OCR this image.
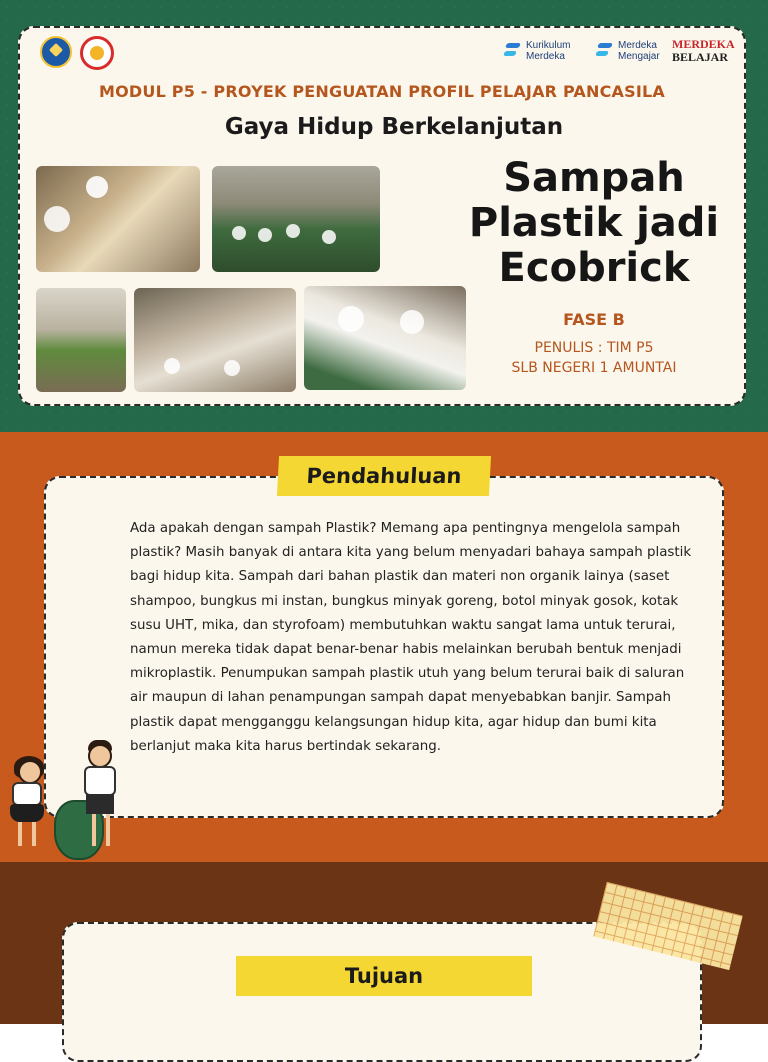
Kurikulum
Merdeka
Merdeka
Mengajar
MERDEKA
BELAJAR
MODUL P5 - PROYEK PENGUATAN PROFIL PELAJAR PANCASILA
Gaya Hidup Berkelanjutan
Sampah
Plastik jadi
Ecobrick
FASE B
PENULIS : TIM P5
SLB NEGERI 1 AMUNTAI
Pendahuluan
Ada apakah dengan sampah Plastik? Memang apa pentingnya mengelola sampah plastik? Masih banyak di antara kita yang belum menyadari bahaya sampah plastik bagi hidup kita. Sampah dari bahan plastik dan materi non organik lainya (saset shampoo, bungkus mi instan, bungkus minyak goreng, botol minyak gosok, kotak susu UHT, mika, dan styrofoam) membutuhkan waktu sangat lama untuk terurai, namun mereka tidak dapat benar-benar habis melainkan berubah bentuk menjadi mikroplastik. Penumpukan sampah plastik utuh yang belum terurai baik di saluran air maupun di lahan penampungan sampah dapat menyebabkan banjir. Sampah plastik dapat mengganggu kelangsungan hidup kita, agar hidup dan bumi kita berlanjut maka kita harus bertindak sekarang.
Tujuan
